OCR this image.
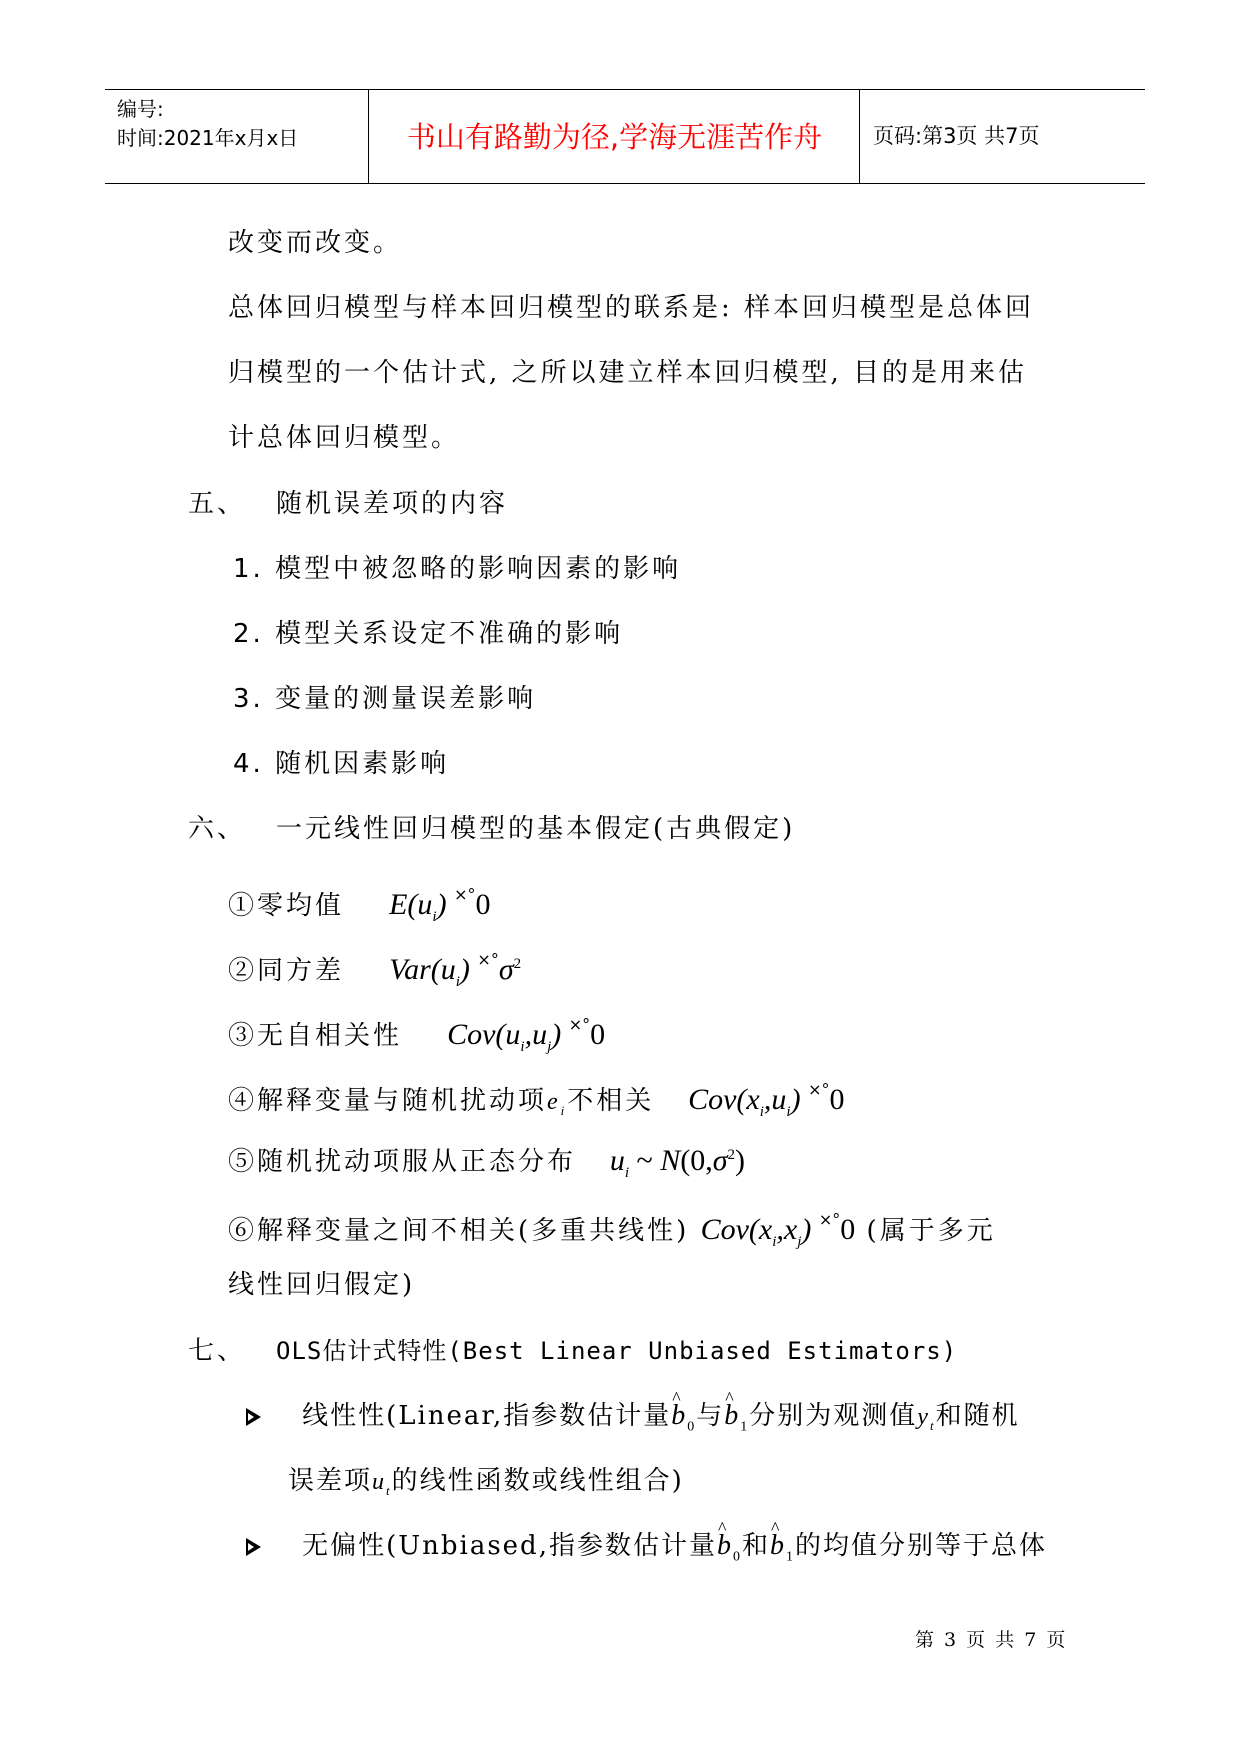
编号:
时间:2021年x月x日	书山有路勤为径,学海无涯苦作舟	页码:第3页 共7页
改变而改变。
总体回归模型与样本回归模型的联系是: 样本回归模型是总体回
归模型的一个估计式, 之所以建立样本回归模型, 目的是用来估
计总体回归模型。
五、 随机误差项的内容
1. 模型中被忽略的影响因素的影响
2. 模型关系设定不准确的影响
3. 变量的测量误差影响
4. 随机因素影响
六、 一元线性回归模型的基本假定(古典假定)
①零均值 $E(u_i)$ ×°0
②同方差 $Var(u_i)$ $^{\times^\circ}\sigma^2$
③无自相关性 $Cov(u_i,u_j)$ ×°0
④解释变量与随机扰动项$e_i$不相关 $Cov(x_i,u_i)$ ×°0
⑤随机扰动项服从正态分布 $u_i$ ~ $N(0,\sigma^2)$
⑥解释变量之间不相关(多重共线性) $Cov(x_i,x_j)$ ×°0 (属于多元
线性回归假定)
七、 OLS估计式特性(Best Linear Unbiased Estimators)
线性性(Linear,指参数估计量^ $b_0$与^ $b_1$分别为观测值$y_t$和随机
误差项$u_t$的线性函数或线性组合)
无偏性(Unbiased,指参数估计量^ $b_0$和^ $b_1$的均值分别等于总体
第 3 页 共 7 页
